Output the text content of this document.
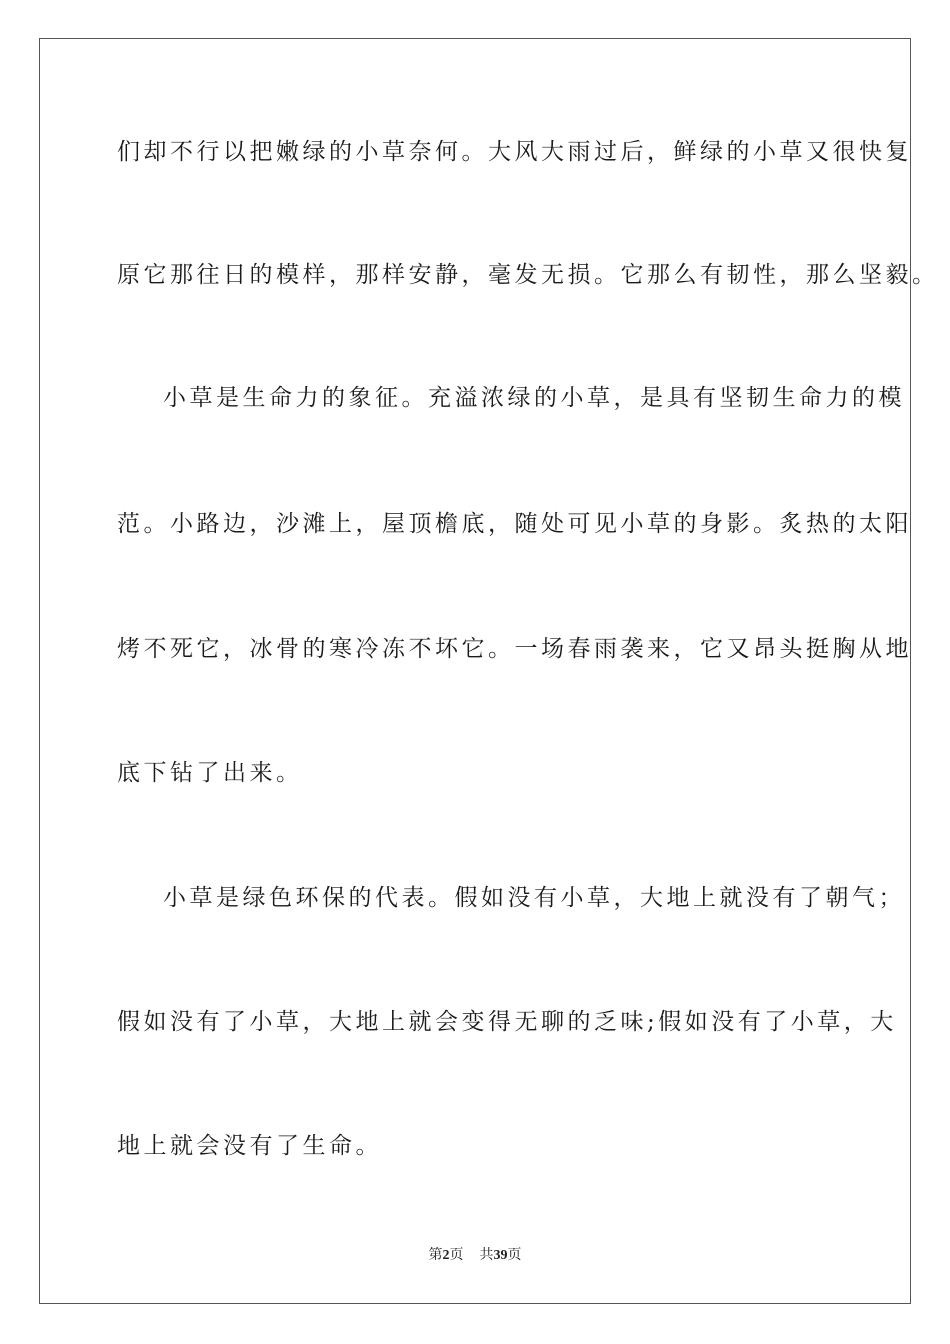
们却不行以把嫩绿的小草奈何。大风大雨过后，鲜绿的小草又很快复
原它那往日的模样，那样安静，毫发无损。它那么有韧性，那么坚毅。
小草是生命力的象征。充溢浓绿的小草，是具有坚韧生命力的模
范。小路边，沙滩上，屋顶檐底，随处可见小草的身影。炙热的太阳
烤不死它，冰骨的寒冷冻不坏它。一场春雨袭来，它又昂头挺胸从地
底下钻了出来。
小草是绿色环保的代表。假如没有小草，大地上就没有了朝气；
假如没有了小草，大地上就会变得无聊的乏味;假如没有了小草，大
地上就会没有了生命。
第2页 共39页
